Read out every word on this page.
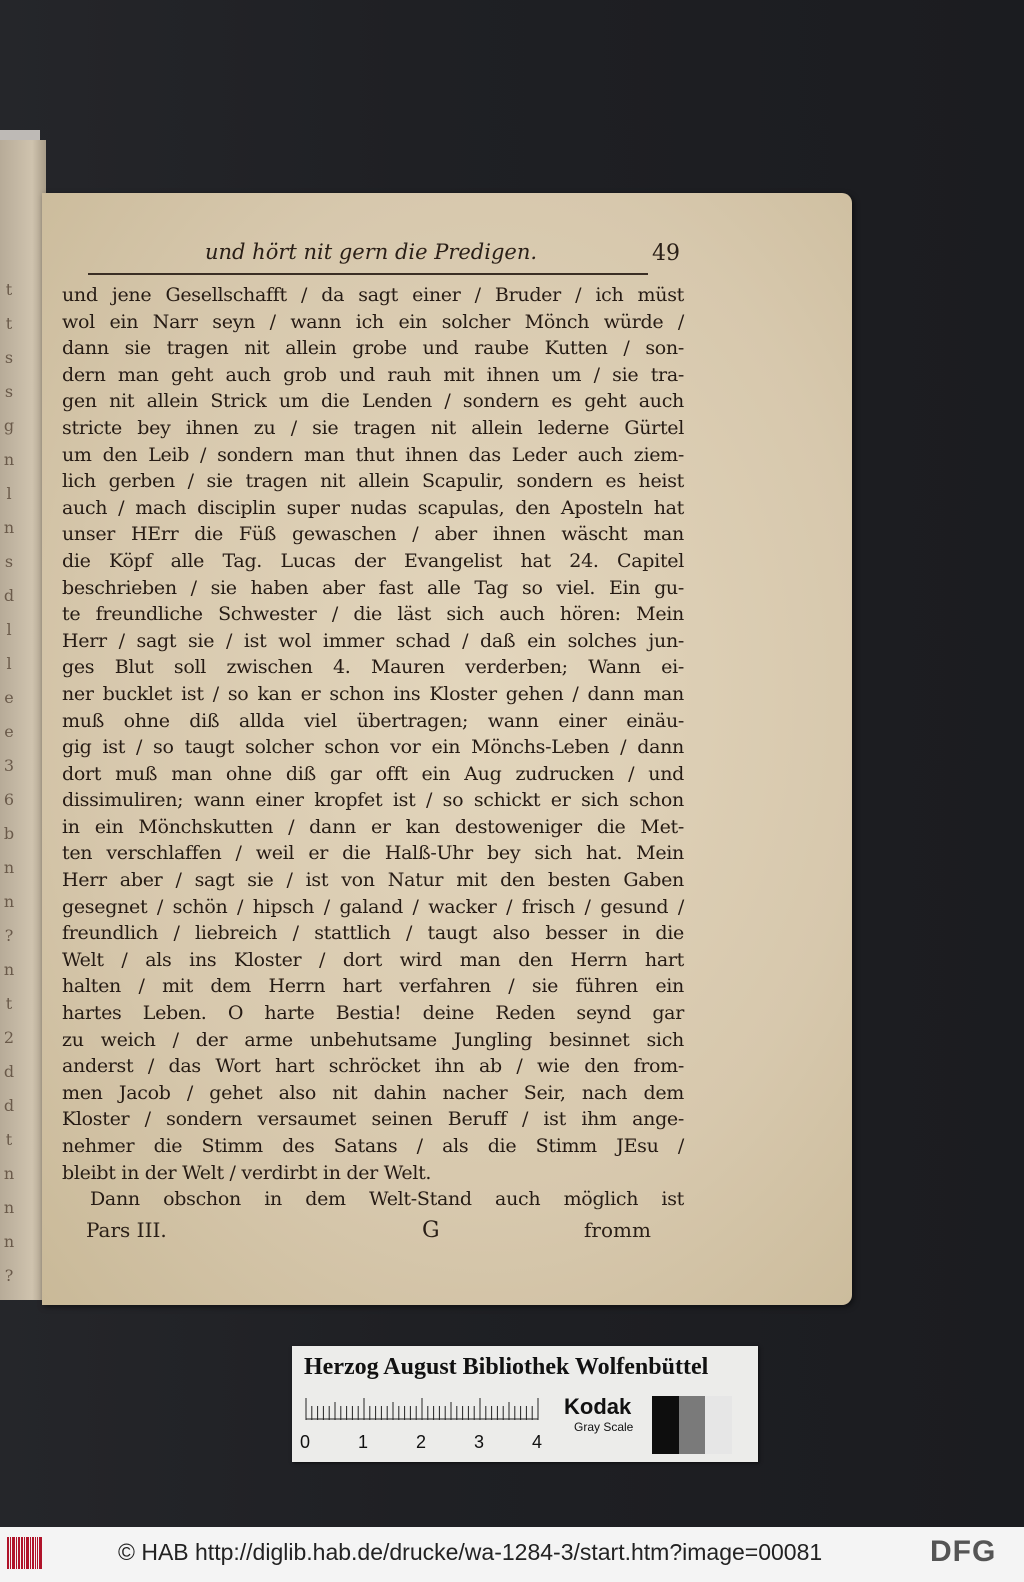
t
t
s
s
g
n
l
n
s
d
l
l
e
e
3
6
b
n
n
?
n
t
2
d
d
t
n
n
n
?
und hört nit gern die Predigen.	49
und jene Gesellschafft / da sagt einer / Bruder / ich müst
wol ein Narr seyn / wann ich ein solcher Mönch würde /
dann sie tragen nit allein grobe und raube Kutten / son-
dern man geht auch grob und rauh mit ihnen um / sie tra-
gen nit allein Strick um die Lenden / sondern es geht auch
stricte bey ihnen zu / sie tragen nit allein lederne Gürtel
um den Leib / sondern man thut ihnen das Leder auch ziem-
lich gerben / sie tragen nit allein Scapulir, sondern es heist
auch / mach disciplin super nudas scapulas, den Aposteln hat
unser HErr die Füß gewaschen / aber ihnen wäscht man
die Köpf alle Tag. Lucas der Evangelist hat 24. Capitel
beschrieben / sie haben aber fast alle Tag so viel. Ein gu-
te freundliche Schwester / die läst sich auch hören: Mein
Herr / sagt sie / ist wol immer schad / daß ein solches jun-
ges Blut soll zwischen 4. Mauren verderben; Wann ei-
ner bucklet ist / so kan er schon ins Kloster gehen / dann man
muß ohne diß allda viel übertragen; wann einer einäu-
gig ist / so taugt solcher schon vor ein Mönchs-Leben / dann
dort muß man ohne diß gar offt ein Aug zudrucken / und
dissimuliren; wann einer kropfet ist / so schickt er sich schon
in ein Mönchskutten / dann er kan destoweniger die Met-
ten verschlaffen / weil er die Halß-Uhr bey sich hat. Mein
Herr aber / sagt sie / ist von Natur mit den besten Gaben
gesegnet / schön / hipsch / galand / wacker / frisch / gesund /
freundlich / liebreich / stattlich / taugt also besser in die
Welt / als ins Kloster / dort wird man den Herrn hart
halten / mit dem Herrn hart verfahren / sie führen ein
hartes Leben. O harte Bestia! deine Reden seynd gar
zu weich / der arme unbehutsame Jungling besinnet sich
anderst / das Wort hart schröcket ihn ab / wie den from-
men Jacob / gehet also nit dahin nacher Seir, nach dem
Kloster / sondern versaumet seinen Beruff / ist ihm ange-
nehmer die Stimm des Satans / als die Stimm JEsu /
bleibt in der Welt / verdirbt in der Welt.
Dann obschon in dem Welt-Stand auch möglich ist
Pars III.	G	fromm
Herzog August Bibliothek Wolfenbüttel
0	1	2	3	4
Kodak
Gray Scale
© HAB http://diglib.hab.de/drucke/wa-1284-3/start.htm?image=00081	DFG
